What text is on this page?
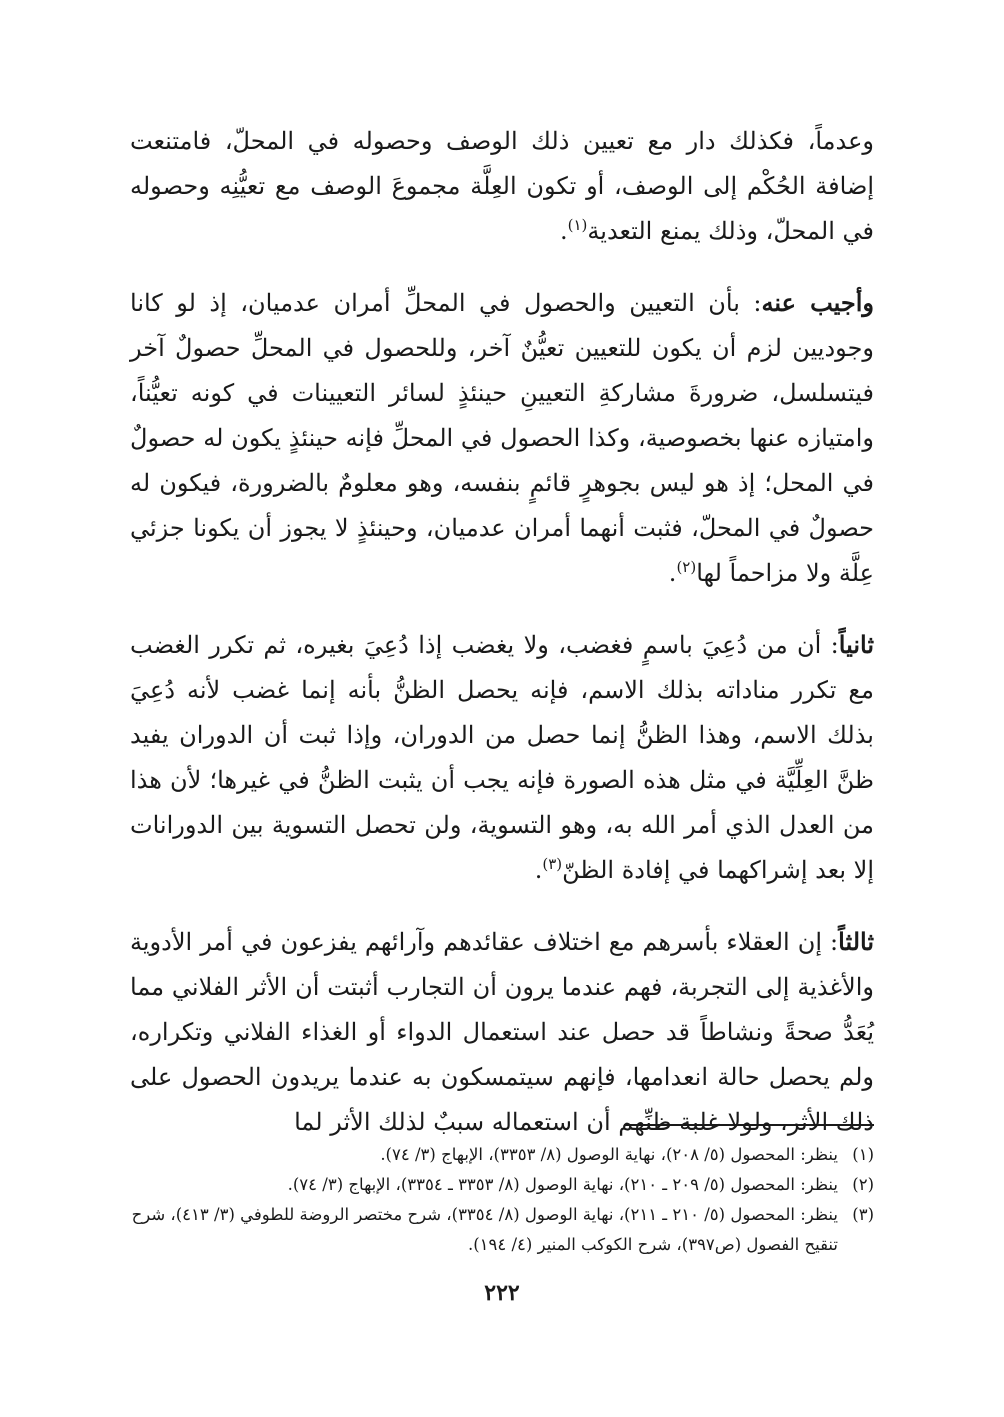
وعدماً، فكذلك دار مع تعيين ذلك الوصف وحصوله في المحلّ، فامتنعت إضافة الحُكْم إلى الوصف، أو تكون العِلَّة مجموعَ الوصف مع تعيُّنِه وحصوله في المحلّ، وذلك يمنع التعدية$^{(١)}$.

وأجيب عنه: بأن التعيين والحصول في المحلِّ أمران عدميان، إذ لو كانا وجوديين لزم أن يكون للتعيين تعيُّنٌ آخر، وللحصول في المحلِّ حصولٌ آخر فيتسلسل، ضرورةَ مشاركةِ التعيينِ حينئذٍ لسائر التعيينات في كونه تعيُّناً، وامتيازه عنها بخصوصية، وكذا الحصول في المحلِّ فإنه حينئذٍ يكون له حصولٌ في المحل؛ إذ هو ليس بجوهرٍ قائمٍ بنفسه، وهو معلومٌ بالضرورة، فيكون له حصولٌ في المحلّ، فثبت أنهما أمران عدميان، وحينئذٍ لا يجوز أن يكونا جزئي عِلَّة ولا مزاحماً لها$^{(٢)}$.

ثانياً: أن من دُعِيَ باسمٍ فغضب، ولا يغضب إذا دُعِيَ بغيره، ثم تكرر الغضب مع تكرر مناداته بذلك الاسم، فإنه يحصل الظنُّ بأنه إنما غضب لأنه دُعِيَ بذلك الاسم، وهذا الظنُّ إنما حصل من الدوران، وإذا ثبت أن الدوران يفيد ظنَّ العِلِّيَّة في مثل هذه الصورة فإنه يجب أن يثبت الظنُّ في غيرها؛ لأن هذا من العدل الذي أمر الله به، وهو التسوية، ولن تحصل التسوية بين الدورانات إلا بعد إشراكهما في إفادة الظنّ$^{(٣)}$.

ثالثاً: إن العقلاء بأسرهم مع اختلاف عقائدهم وآرائهم يفزعون في أمر الأدوية والأغذية إلى التجربة، فهم عندما يرون أن التجارب أثبتت أن الأثر الفلاني مما يُعَدُّ صحةً ونشاطاً قد حصل عند استعمال الدواء أو الغذاء الفلاني وتكراره، ولم يحصل حالة انعدامها، فإنهم سيتمسكون به عندما يريدون الحصول على ذلك الأثر، ولولا غلبة ظنِّهم أن استعماله سببٌ لذلك الأثر لما

(١)
ينظر: المحصول (٥/ ٢٠٨)، نهاية الوصول (٨/ ٣٣٥٣)، الإبهاج (٣/ ٧٤).

(٢)
ينظر: المحصول (٥/ ٢٠٩ ـ ٢١٠)، نهاية الوصول (٨/ ٣٣٥٣ ـ ٣٣٥٤)، الإبهاج (٣/ ٧٤).

(٣)
ينظر: المحصول (٥/ ٢١٠ ـ ٢١١)، نهاية الوصول (٨/ ٣٣٥٤)، شرح مختصر الروضة للطوفي (٣/ ٤١٣)، شرح تنقيح الفصول (ص٣٩٧)، شرح الكوكب المنير (٤/ ١٩٤).

٢٢٢
